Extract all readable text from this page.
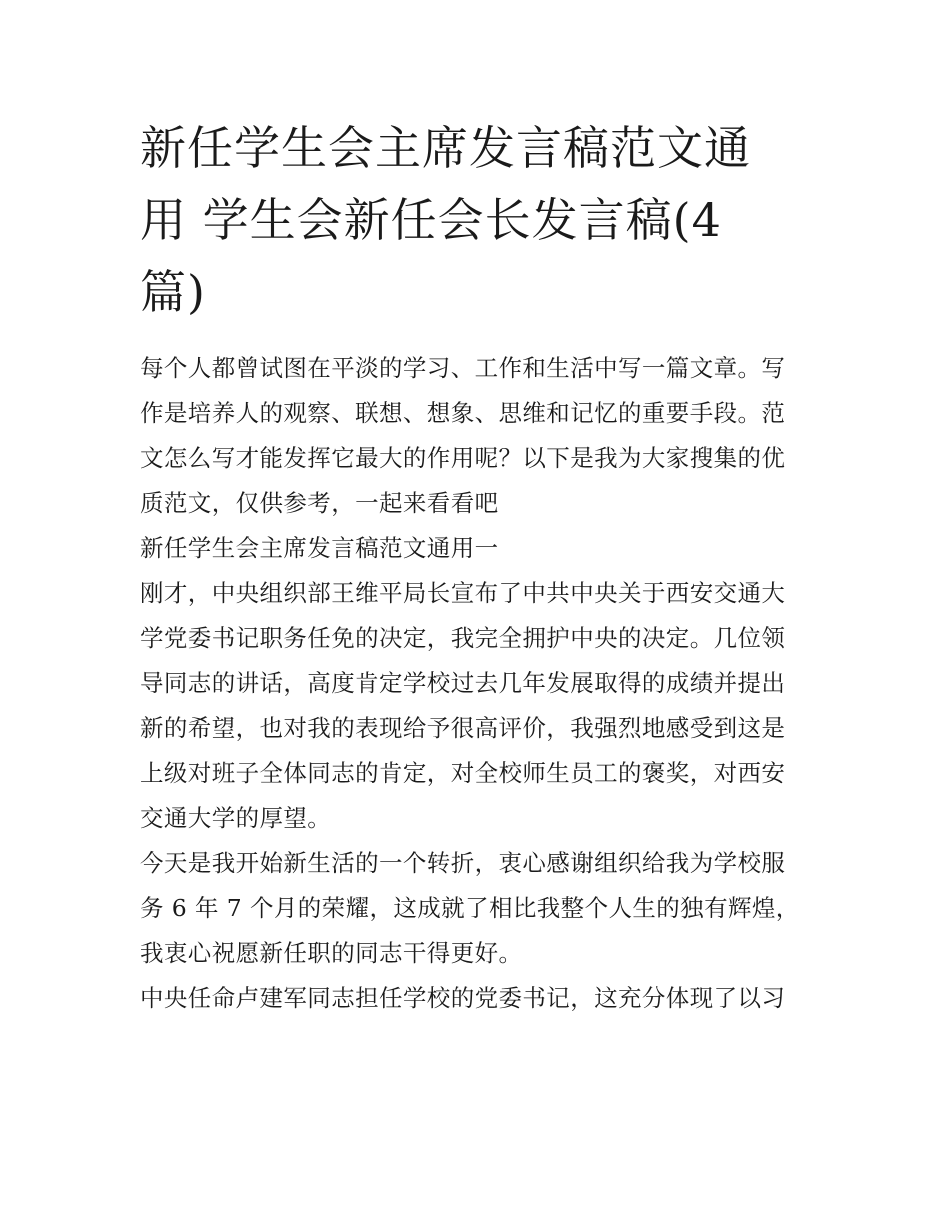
新任学生会主席发言稿范文通
用 学生会新任会长发言稿(4
篇)

每个人都曾试图在平淡的学习、工作和生活中写一篇文章。写
作是培养人的观察、联想、想象、思维和记忆的重要手段。范
文怎么写才能发挥它最大的作用呢？以下是我为大家搜集的优
质范文，仅供参考，一起来看看吧

新任学生会主席发言稿范文通用一

刚才，中央组织部王维平局长宣布了中共中央关于西安交通大
学党委书记职务任免的决定，我完全拥护中央的决定。几位领
导同志的讲话，高度肯定学校过去几年发展取得的成绩并提出
新的希望，也对我的表现给予很高评价，我强烈地感受到这是
上级对班子全体同志的肯定，对全校师生员工的褒奖，对西安
交通大学的厚望。

今天是我开始新生活的一个转折，衷心感谢组织给我为学校服
务 6 年 7 个月的荣耀，这成就了相比我整个人生的独有辉煌，
我衷心祝愿新任职的同志干得更好。

中央任命卢建军同志担任学校的党委书记，这充分体现了以习
